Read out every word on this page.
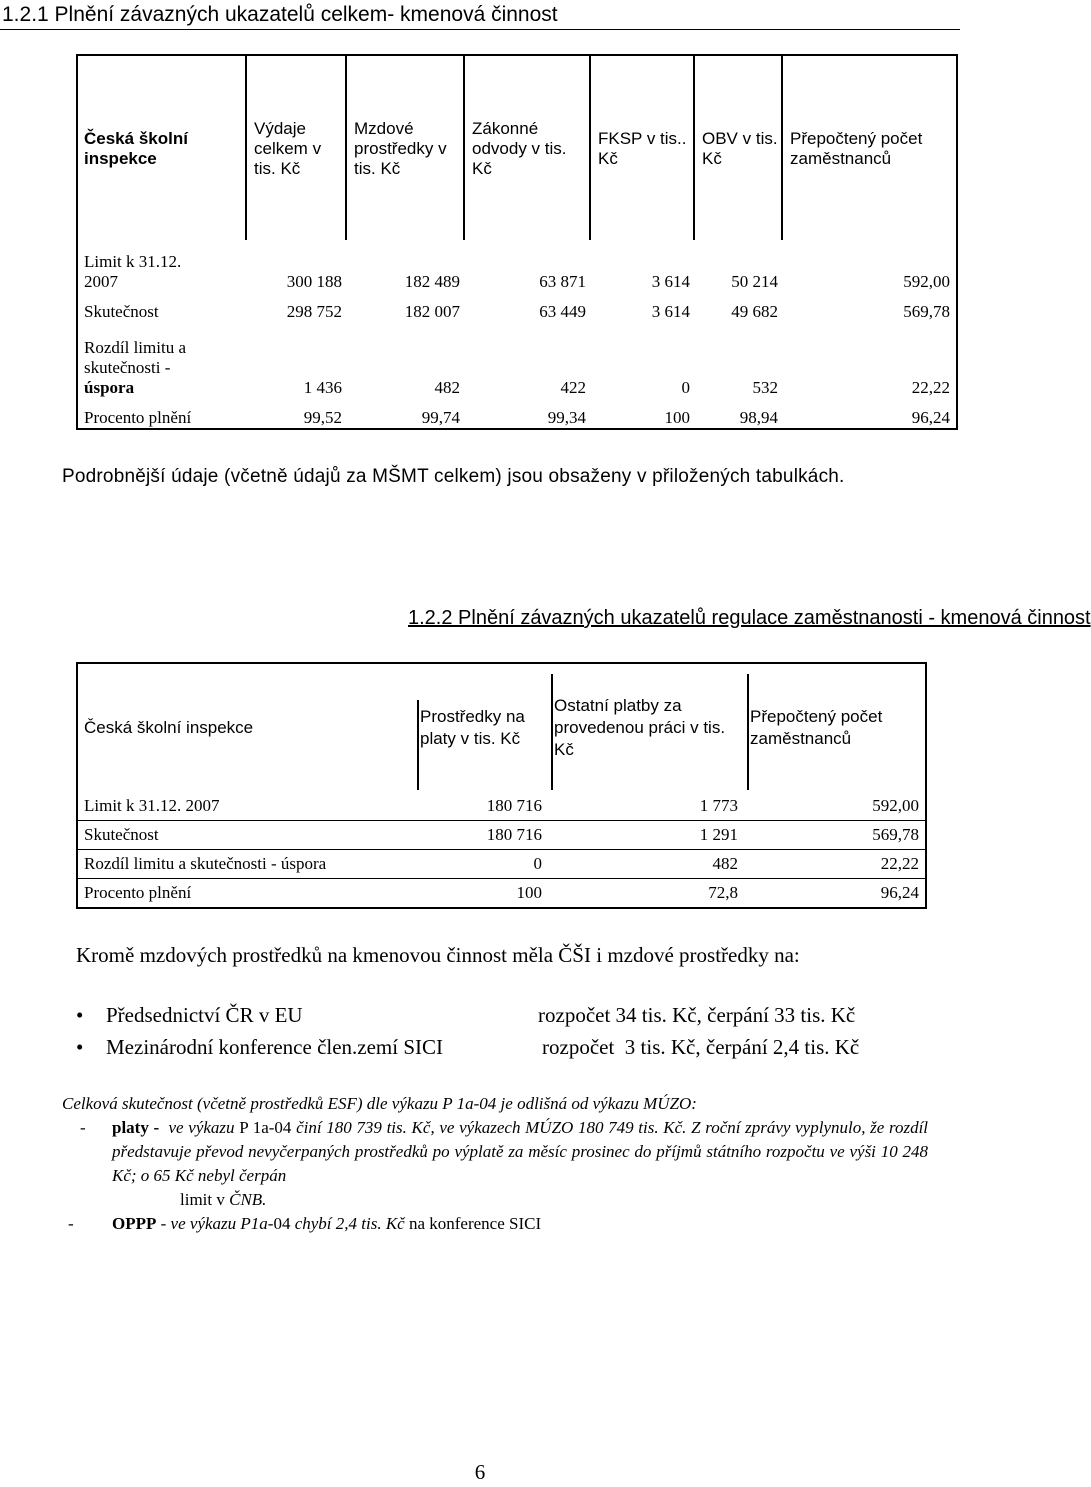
1.2.1 Plnění závazných ukazatelů celkem- kmenová činnost
Česká školní inspekce	Výdaje celkem v tis. Kč	Mzdové prostředky v tis. Kč	Zákonné odvody v tis. Kč	FKSP v tis.. Kč	OBV v tis. Kč	Přepočtený počet zaměstnanců

Limit k 31.12.
2007	300 188	182 489	63 871	3 614	50 214	592,00
Skutečnost	298 752	182 007	63 449	3 614	49 682	569,78

Rozdíl limitu a
skutečnosti -
úspora	1 436	482	422	0	532	22,22
Procento plnění	99,52	99,74	99,34	100	98,94	96,24
Podrobnější údaje (včetně údajů za MŠMT celkem) jsou obsaženy v přiložených tabulkách.
1.2.2 Plnění závazných ukazatelů regulace zaměstnanosti - kmenová činnost
Česká školní inspekce	Prostředky na platy v tis. Kč	Ostatní platby za provedenou práci v tis. Kč	Přepočtený počet zaměstnanců
Limit k 31.12. 2007	180 716	1 773	592,00
Skutečnost	180 716	1 291	569,78
Rozdíl limitu a skutečnosti - úspora	0	482	22,22
Procento plnění	100	72,8	96,24
Kromě mzdových prostředků na kmenovou činnost měla ČŠI i mzdové prostředky na:
• Předsednictví ČR v EU	rozpočet 34 tis. Kč, čerpání 33 tis. Kč
• Mezinárodní konference člen.zemí SICI	rozpočet  3 tis. Kč, čerpání 2,4 tis. Kč
Celková skutečnost (včetně prostředků ESF) dle výkazu P 1a-04 je odlišná od výkazu MÚZO:
- platy - ve výkazu P 1a-04 činí 180 739 tis. Kč, ve výkazech MÚZO 180 749 tis. Kč. Z roční zprávy vyplynulo, že rozdíl představuje převod nevyčerpaných prostředků po výplatě za měsíc prosinec do příjmů státního rozpočtu ve výši 10 248 Kč; o 65 Kč nebyl čerpán
limit v ČNB.
- OPPP - ve výkazu P1a-04 chybí 2,4 tis. Kč na konference SICI
6
